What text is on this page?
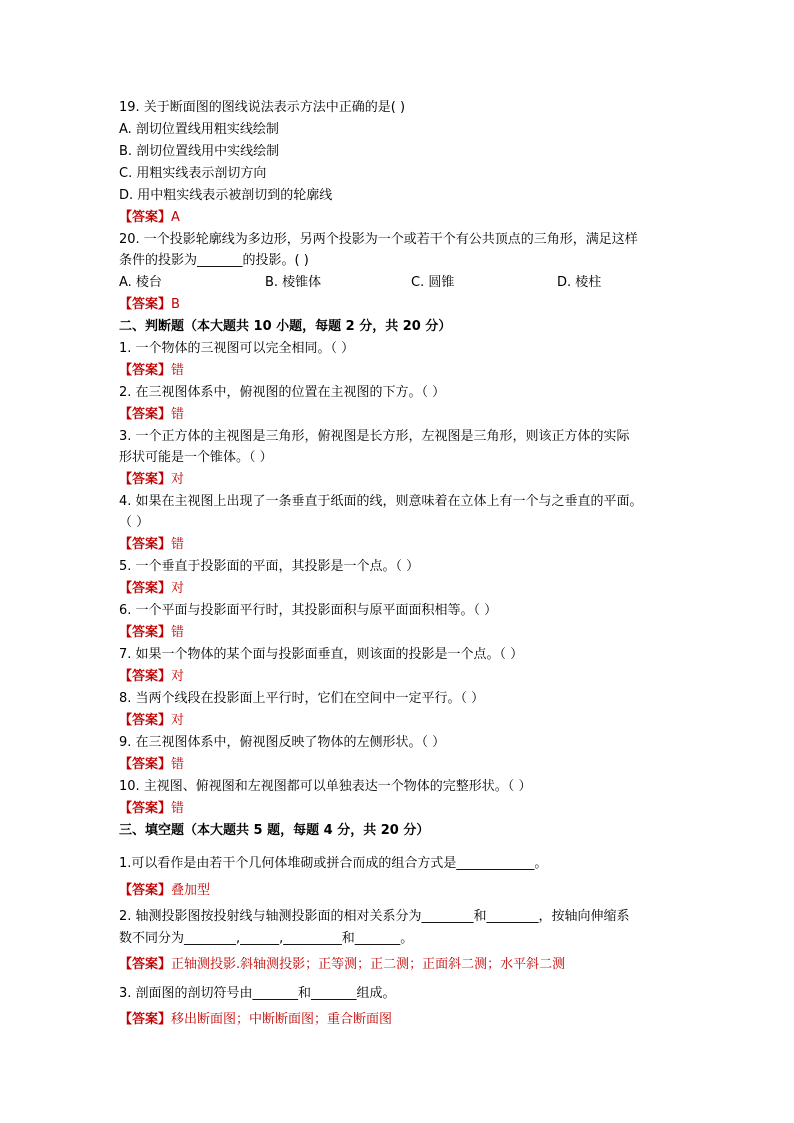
19. 关于断面图的图线说法表示方法中正确的是( )
A. 剖切位置线用粗实线绘制
B. 剖切位置线用中实线绘制
C. 用粗实线表示剖切方向
D. 用中粗实线表示被剖切到的轮廓线
【答案】A
20. 一个投影轮廓线为多边形，另两个投影为一个或若干个有公共顶点的三角形，满足这样
条件的投影为_______的投影。( )
A. 棱台	B. 棱锥体	C. 圆锥	D. 棱柱
【答案】B
二、判断题（本大题共 10 小题，每题 2 分，共 20 分）
1. 一个物体的三视图可以完全相同。（ ）
【答案】错
2. 在三视图体系中，俯视图的位置在主视图的下方。（ ）
【答案】错
3. 一个正方体的主视图是三角形，俯视图是长方形，左视图是三角形，则该正方体的实际
形状可能是一个锥体。（ ）
【答案】对
4. 如果在主视图上出现了一条垂直于纸面的线，则意味着在立体上有一个与之垂直的平面。
（ ）
【答案】错
5. 一个垂直于投影面的平面，其投影是一个点。（ ）
【答案】对
6. 一个平面与投影面平行时，其投影面积与原平面面积相等。（ ）
【答案】错
7. 如果一个物体的某个面与投影面垂直，则该面的投影是一个点。（ ）
【答案】对
8. 当两个线段在投影面上平行时，它们在空间中一定平行。（ ）
【答案】对
9. 在三视图体系中，俯视图反映了物体的左侧形状。（ ）
【答案】错
10. 主视图、俯视图和左视图都可以单独表达一个物体的完整形状。（ ）
【答案】错
三、填空题（本大题共 5 题，每题 4 分，共 20 分）
1.可以看作是由若干个几何体堆砌或拼合而成的组合方式是____________。
【答案】叠加型
2. 轴测投影图按投射线与轴测投影面的相对关系分为________和________，按轴向伸缩系
数不同分为________,______,_________和_______。
【答案】正轴测投影.斜轴测投影；正等测；正二测；正面斜二测；水平斜二测
3. 剖面图的剖切符号由_______和_______组成。
【答案】移出断面图；中断断面图；重合断面图
